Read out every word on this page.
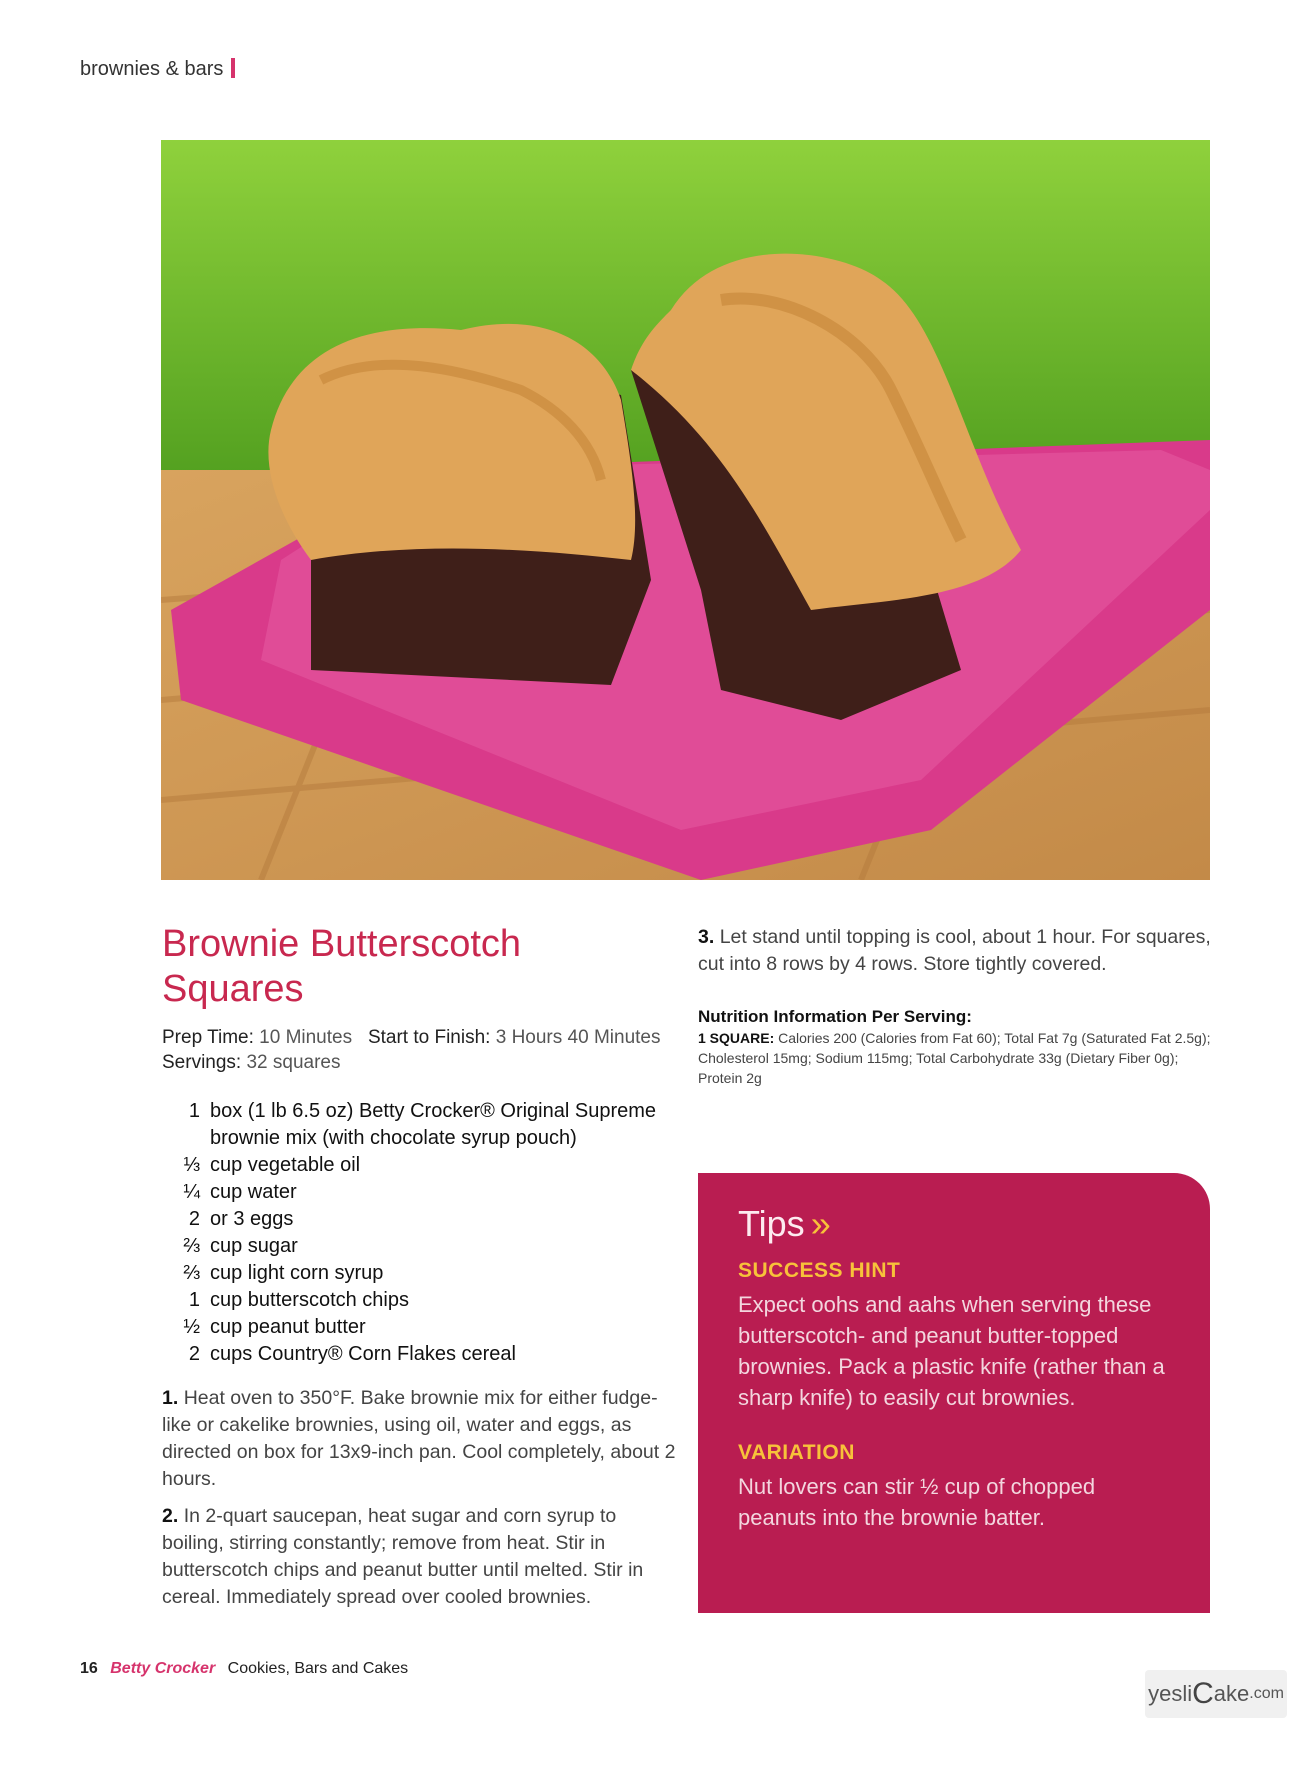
brownies & bars
Brownie Butterscotch Squares
Prep Time: 10 Minutes Start to Finish: 3 Hours 40 Minutes
Servings: 32 squares
1 box (1 lb 6.5 oz) Betty Crocker® Original Supreme brownie mix (with chocolate syrup pouch)
⅓ cup vegetable oil
¼ cup water
2 or 3 eggs
⅔ cup sugar
⅔ cup light corn syrup
1 cup butterscotch chips
½ cup peanut butter
2 cups Country® Corn Flakes cereal

1. Heat oven to 350°F. Bake brownie mix for either fudge-like or cakelike brownies, using oil, water and eggs, as directed on box for 13x9-inch pan. Cool completely, about 2 hours.

2. In 2-quart saucepan, heat sugar and corn syrup to boiling, stirring constantly; remove from heat. Stir in butterscotch chips and peanut butter until melted. Stir in cereal. Immediately spread over cooled brownies.

3. Let stand until topping is cool, about 1 hour. For squares, cut into 8 rows by 4 rows. Store tightly covered.

Nutrition Information Per Serving:

1 SQUARE: Calories 200 (Calories from Fat 60); Total Fat 7g (Saturated Fat 2.5g); Cholesterol 15mg; Sodium 115mg; Total Carbohydrate 33g (Dietary Fiber 0g); Protein 2g

Tips »
SUCCESS HINT

Expect oohs and aahs when serving these butterscotch- and peanut butter-topped brownies. Pack a plastic knife (rather than a sharp knife) to easily cut brownies.

VARIATION

Nut lovers can stir ½ cup of chopped peanuts into the brownie batter.

16 Betty Crocker Cookies, Bars and Cakes
yesli C ake .com
